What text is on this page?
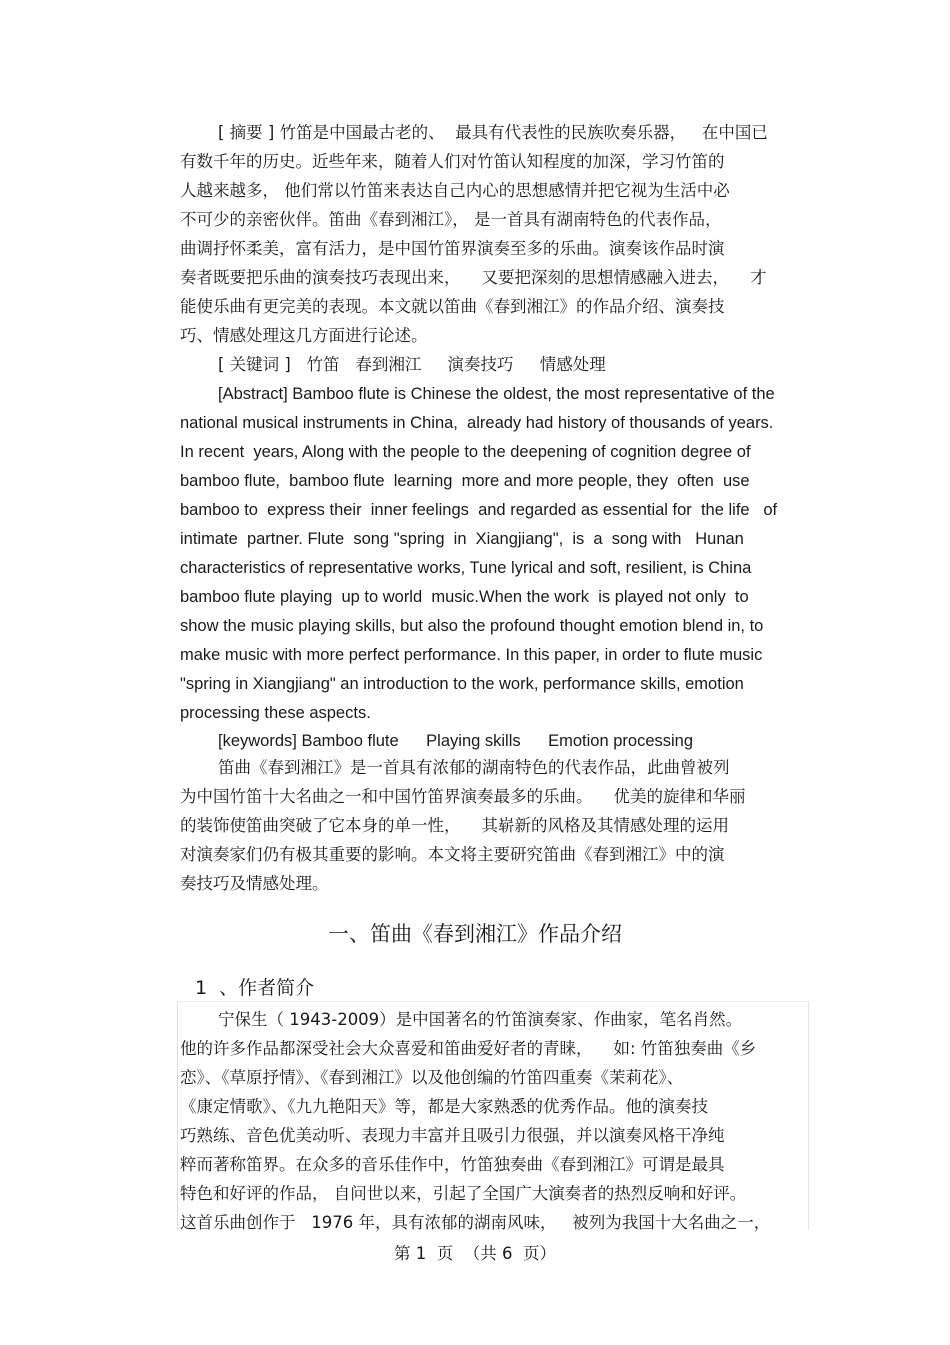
[ 摘要 ] 竹笛是中国最古老的、  最具有代表性的民族吹奏乐器，   在中国已
有数千年的历史。近些年来，随着人们对竹笛认知程度的加深，学习竹笛的
人越来越多， 他们常以竹笛来表达自己内心的思想感情并把它视为生活中必
不可少的亲密伙伴。笛曲《春到湘江》， 是一首具有湖南特色的代表作品，
曲调抒怀柔美，富有活力，是中国竹笛界演奏至多的乐曲。演奏该作品时演
奏者既要把乐曲的演奏技巧表现出来，    又要把深刻的思想情感融入进去，    才
能使乐曲有更完美的表现。本文就以笛曲《春到湘江》的作品介绍、演奏技
巧、情感处理这几方面进行论述。
[ 关键词 ]   竹笛   春到湘江     演奏技巧     情感处理
[Abstract] Bamboo flute is Chinese the oldest, the most representative of the
national musical instruments in China,  already had history of thousands of years.
In recent  years, Along with the people to the deepening of cognition degree of
bamboo flute,  bamboo flute  learning  more and more people, they  often  use
bamboo to  express their  inner feelings  and regarded as essential for  the life   of
intimate  partner. Flute  song "spring  in  Xiangjiang",  is  a  song with   Hunan
characteristics of representative works, Tune lyrical and soft, resilient, is China
bamboo flute playing  up to world  music.When the work  is played not only  to
show the music playing skills, but also the profound thought emotion blend in, to
make music with more perfect performance. In this paper, in order to flute music
"spring in Xiangjiang" an introduction to the work, performance skills, emotion
processing these aspects.
[keywords] Bamboo flute      Playing skills      Emotion processing
笛曲《春到湘江》是一首具有浓郁的湖南特色的代表作品，此曲曾被列
为中国竹笛十大名曲之一和中国竹笛界演奏最多的乐曲。    优美的旋律和华丽
的装饰使笛曲突破了它本身的单一性，    其崭新的风格及其情感处理的运用
对演奏家们仍有极其重要的影响。本文将主要研究笛曲《春到湘江》中的演
奏技巧及情感处理。
一、笛曲《春到湘江》作品介绍
1  、作者简介
宁保生（ 1943-2009）是中国著名的竹笛演奏家、作曲家，笔名肖然。
他的许多作品都深受社会大众喜爱和笛曲爱好者的青睐，    如: 竹笛独奏曲《乡
恋》、《草原抒情》、《春到湘江》以及他创编的竹笛四重奏《茉莉花》、
《康定情歌》、《九九艳阳天》等，都是大家熟悉的优秀作品。他的演奏技
巧熟练、音色优美动听、表现力丰富并且吸引力很强，并以演奏风格干净纯
粹而著称笛界。在众多的音乐佳作中，竹笛独奏曲《春到湘江》可谓是最具
特色和好评的作品， 自问世以来，引起了全国广大演奏者的热烈反响和好评。
这首乐曲创作于   1976 年，具有浓郁的湖南风味，   被列为我国十大名曲之一，
第 1  页  （共 6  页）
